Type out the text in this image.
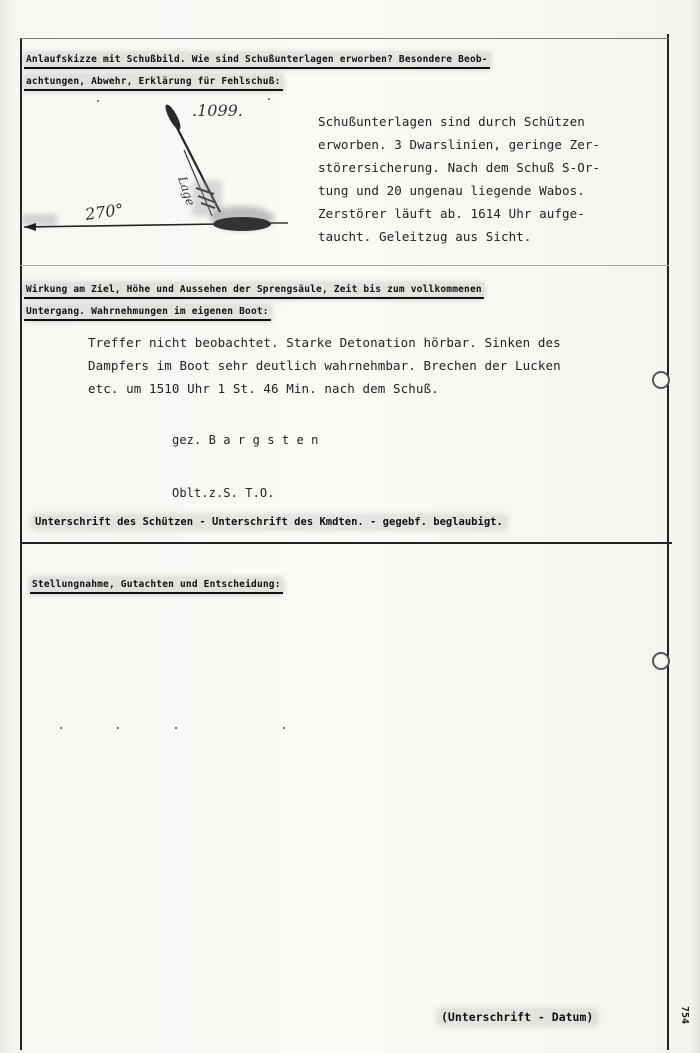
Anlaufskizze mit Schußbild. Wie sind Schußunterlagen erworben? Besondere Beob-
achtungen, Abwehr, Erklärung für Fehlschuß:
.1099.
Lage
270°
Schußunterlagen sind durch Schützen
erworben. 3 Dwarslinien, geringe Zer-
störersicherung. Nach dem Schuß S-Or-
tung und 20 ungenau liegende Wabos.
Zerstörer läuft ab. 1614 Uhr aufge-
taucht. Geleitzug aus Sicht.
Wirkung am Ziel, Höhe und Aussehen der Sprengsäule, Zeit bis zum vollkommenen
Untergang. Wahrnehmungen im eigenen Boot:
Treffer nicht beobachtet. Starke Detonation hörbar. Sinken des
Dampfers im Boot sehr deutlich wahrnehmbar. Brechen der Lucken
etc. um 1510 Uhr 1 St. 46 Min. nach dem Schuß.
gez. B a r g s t e n
Oblt.z.S. T.O.
Unterschrift des Schützen - Unterschrift des Kmdten. - gegebf. beglaubigt.
Stellungnahme, Gutachten und Entscheidung:
(Unterschrift - Datum)	754
